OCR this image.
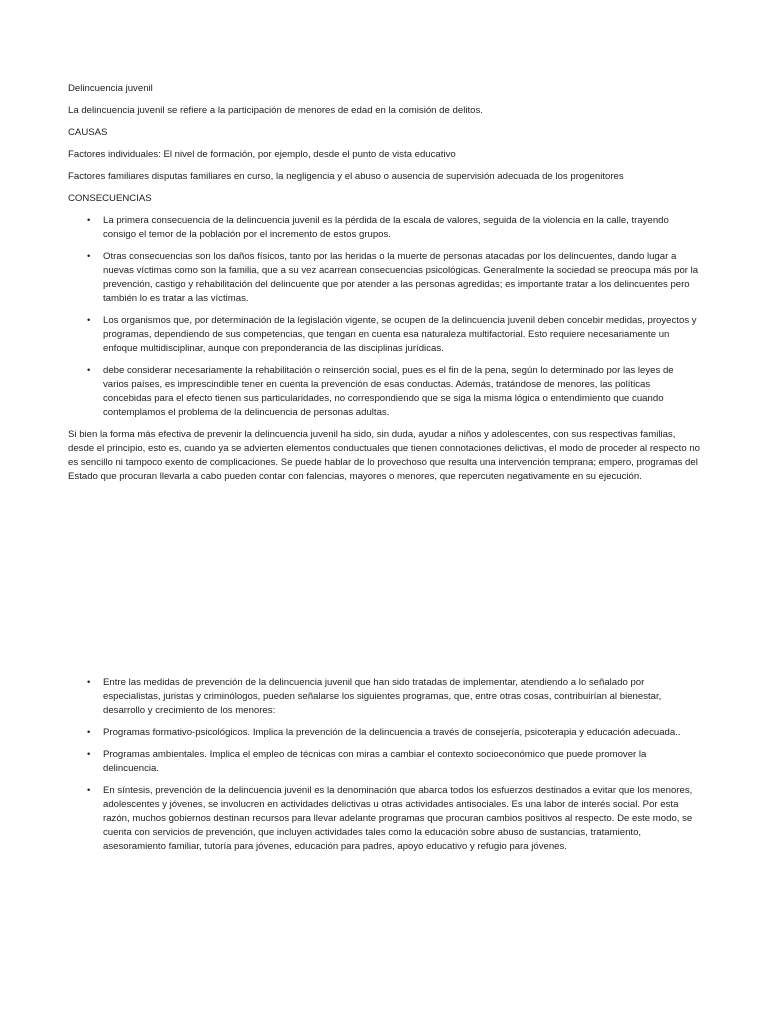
Delincuencia juvenil

La delincuencia juvenil se refiere a la participación de menores de edad en la comisión de delitos.

CAUSAS

Factores individuales: El nivel de formación, por ejemplo, desde el punto de vista educativo

Factores familiares disputas familiares en curso, la negligencia y el abuso o ausencia de supervisión adecuada de los progenitores

CONSECUENCIAS

• La primera consecuencia de la delincuencia juvenil es la pérdida de la escala de valores, seguida de la violencia en la calle, trayendo consigo el temor de la población por el incremento de estos grupos.
• Otras consecuencias son los daños físicos, tanto por las heridas o la muerte de personas atacadas por los delincuentes, dando lugar a nuevas víctimas como son la familia, que a su vez acarrean consecuencias psicológicas. Generalmente la sociedad se preocupa más por la prevención, castigo y rehabilitación del delincuente que por atender a las personas agredidas; es importante tratar a los delincuentes pero también lo es tratar a las víctimas.
• Los organismos que, por determinación de la legislación vigente, se ocupen de la delincuencia juvenil deben concebir medidas, proyectos y programas, dependiendo de sus competencias, que tengan en cuenta esa naturaleza multifactorial. Esto requiere necesariamente un enfoque multidisciplinar, aunque con preponderancia de las disciplinas jurídicas.
• debe considerar necesariamente la rehabilitación o reinserción social, pues es el fin de la pena, según lo determinado por las leyes de varios países, es imprescindible tener en cuenta la prevención de esas conductas. Además, tratándose de menores, las políticas concebidas para el efecto tienen sus particularidades, no correspondiendo que se siga la misma lógica o entendimiento que cuando contemplamos el problema de la delincuencia de personas adultas.

Si bien la forma más efectiva de prevenir la delincuencia juvenil ha sido, sin duda, ayudar a niños y adolescentes, con sus respectivas familias, desde el principio, esto es, cuando ya se advierten elementos conductuales que tienen connotaciones delictivas, el modo de proceder al respecto no es sencillo ni tampoco exento de complicaciones. Se puede hablar de lo provechoso que resulta una intervención temprana; empero, programas del Estado que procuran llevarla a cabo pueden contar con falencias, mayores o menores, que repercuten negativamente en su ejecución.

• Entre las medidas de prevención de la delincuencia juvenil que han sido tratadas de implementar, atendiendo a lo señalado por especialistas, juristas y criminólogos, pueden señalarse los siguientes programas, que, entre otras cosas, contribuirían al bienestar, desarrollo y crecimiento de los menores:
• Programas formativo-psicológicos. Implica la prevención de la delincuencia a través de consejería, psicoterapia y educación adecuada..
• Programas ambientales. Implica el empleo de técnicas con miras a cambiar el contexto socioeconómico que puede promover la delincuencia.
• En síntesis, prevención de la delincuencia juvenil es la denominación que abarca todos los esfuerzos destinados a evitar que los menores, adolescentes y jóvenes, se involucren en actividades delictivas u otras actividades antisociales. Es una labor de interés social. Por esta razón, muchos gobiernos destinan recursos para llevar adelante programas que procuran cambios positivos al respecto. De este modo, se cuenta con servicios de prevención, que incluyen actividades tales como la educación sobre abuso de sustancias, tratamiento, asesoramiento familiar, tutoría para jóvenes, educación para padres, apoyo educativo y refugio para jóvenes.
